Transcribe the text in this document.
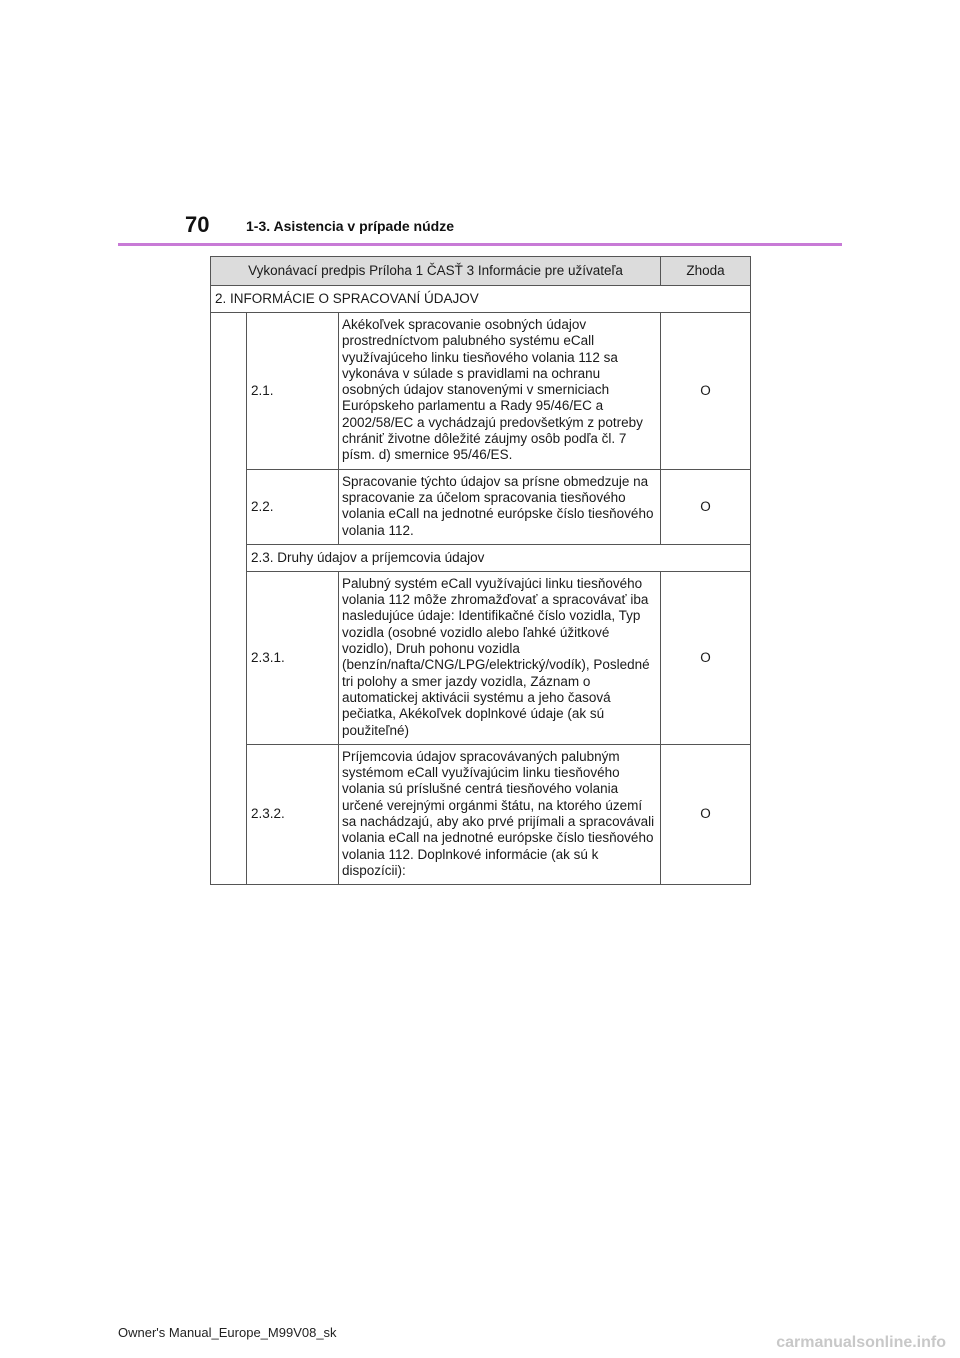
70	1-3. Asistencia v prípade núdze
Vykonávací predpis Príloha 1 ČASŤ 3 Informácie pre užívateľa			Zhoda
2. INFORMÁCIE O SPRACOVANÍ ÚDAJOV			
	2.1.	Akékoľvek spracovanie osobných údajov prostredníctvom palubného systému eCall využívajúceho linku tiesňového volania 112 sa vykonáva v súlade s pravidlami na ochranu osobných údajov stanovenými v smerniciach Európskeho parlamentu a Rady 95/46/EC a 2002/58/EC a vychádzajú predovšetkým z potreby chrániť životne dôležité záujmy osôb podľa čl. 7 písm. d) smernice 95/46/ES.	O
	2.2.	Spracovanie týchto údajov sa prísne obmedzuje na spracovanie za účelom spracovania tiesňového volania eCall na jednotné európske číslo tiesňového volania 112.	O
	2.3. Druhy údajov a príjemcovia údajov		
	2.3.1.	Palubný systém eCall využívajúci linku tiesňového volania 112 môže zhromažďovať a spracovávať iba nasledujúce údaje: Identifikačné číslo vozidla, Typ vozidla (osobné vozidlo alebo ľahké úžitkové vozidlo), Druh pohonu vozidla (benzín/nafta/CNG/LPG/elektrický/vodík), Posledné tri polohy a smer jazdy vozidla, Záznam o automatickej aktivácii systému a jeho časová pečiatka, Akékoľvek doplnkové údaje (ak sú použiteľné)	O
	2.3.2.	Príjemcovia údajov spracovávaných palubným systémom eCall využívajúcim linku tiesňového volania sú príslušné centrá tiesňového volania určené verejnými orgánmi štátu, na ktorého území sa nachádzajú, aby ako prvé prijímali a spracovávali volania eCall na jednotné európske číslo tiesňového volania 112. Doplnkové informácie (ak sú k dispozícii):	O
Owner's Manual_Europe_M99V08_sk
carmanualsonline.info
